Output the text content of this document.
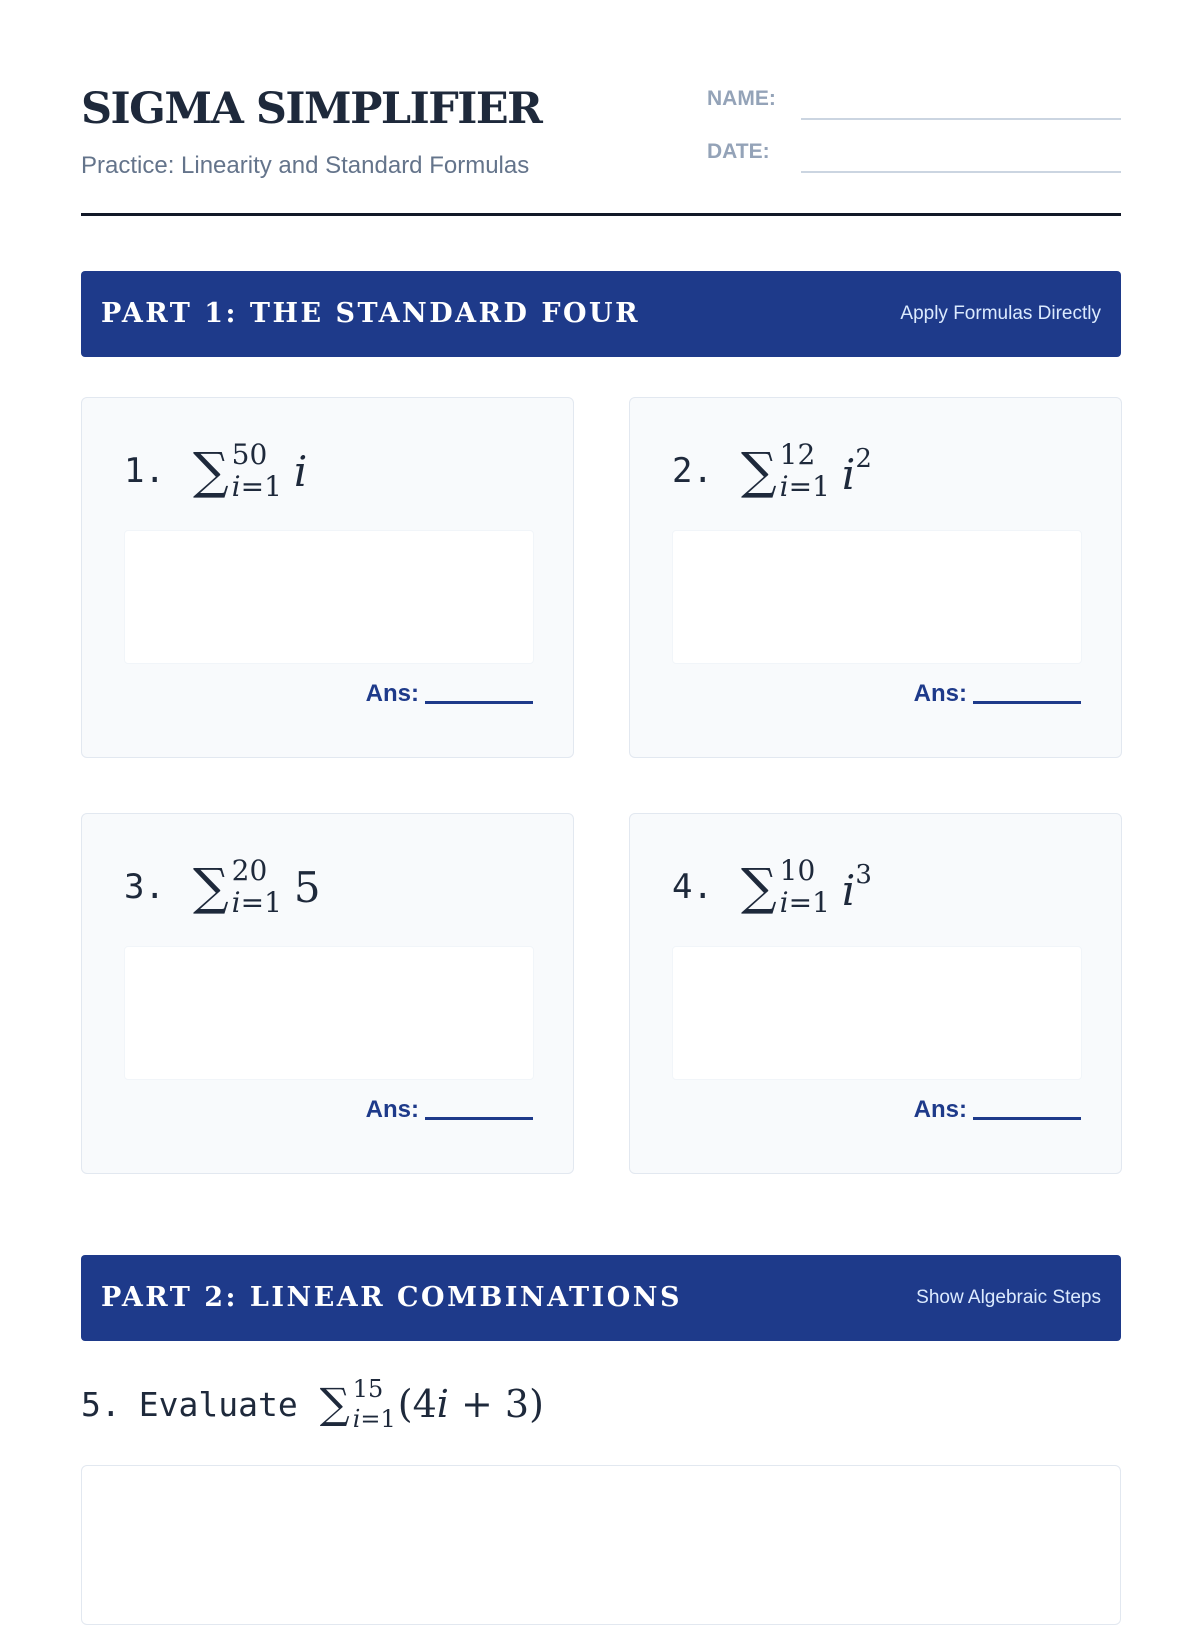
SIGMA SIMPLIFIER
Practice: Linearity and Standard Formulas
NAME:
DATE:
PART 1: THE STANDARD FOUR	Apply Formulas Directly
1. ∑ 50
i=1 i
Ans:
2. ∑ 12
i=1 $i^2$
Ans:
3. ∑ 20
i=1 5
Ans:
4. ∑ 10
i=1 $i^3$
Ans:
PART 2: LINEAR COMBINATIONS	Show Algebraic Steps
5. Evaluate ∑ 15
i=1 (4i + 3)
